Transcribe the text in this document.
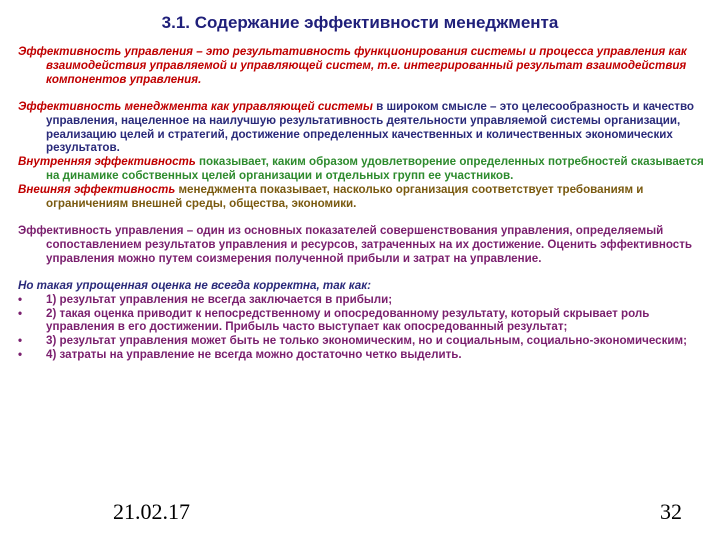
3.1. Содержание эффективности менеджмента

Эффективность управления – это результативность функционирования системы и процесса управления как взаимодействия управляемой и управляющей систем, т.е. интегрированный результат взаимодействия компонентов управления.

Эффективность менеджмента как управляющей системы в широком смысле – это целесообразность и качество управления, нацеленное на наилучшую результативность деятельности управляемой системы организации, реализацию целей и стратегий, достижение определенных качественных и количественных экономических результатов.

Внутренняя эффективность показывает, каким образом удовлетворение определенных потребностей сказывается на динамике собственных целей организации и отдельных групп ее участников.

Внешняя эффективность менеджмента показывает, насколько организация соответствует требованиям и ограничениям внешней среды, общества, экономики.

Эффективность управления – один из основных показателей совершенствования управления, определяемый сопоставлением результатов управления и ресурсов, затраченных на их достижение. Оценить эффективность управления можно путем соизмерения полученной прибыли и затрат на управление.

Но такая упрощенная оценка не всегда корректна, так как:

• 1) результат управления не всегда заключается в прибыли;
• 2) такая оценка приводит к непосредственному и опосредованному результату, который скрывает роль управления в его достижении. Прибыль часто выступает как опосредованный результат;
• 3) результат управления может быть не только экономическим, но и социальным, социально-экономическим;
• 4) затраты на управление не всегда можно достаточно четко выделить.
21.02.17	32
